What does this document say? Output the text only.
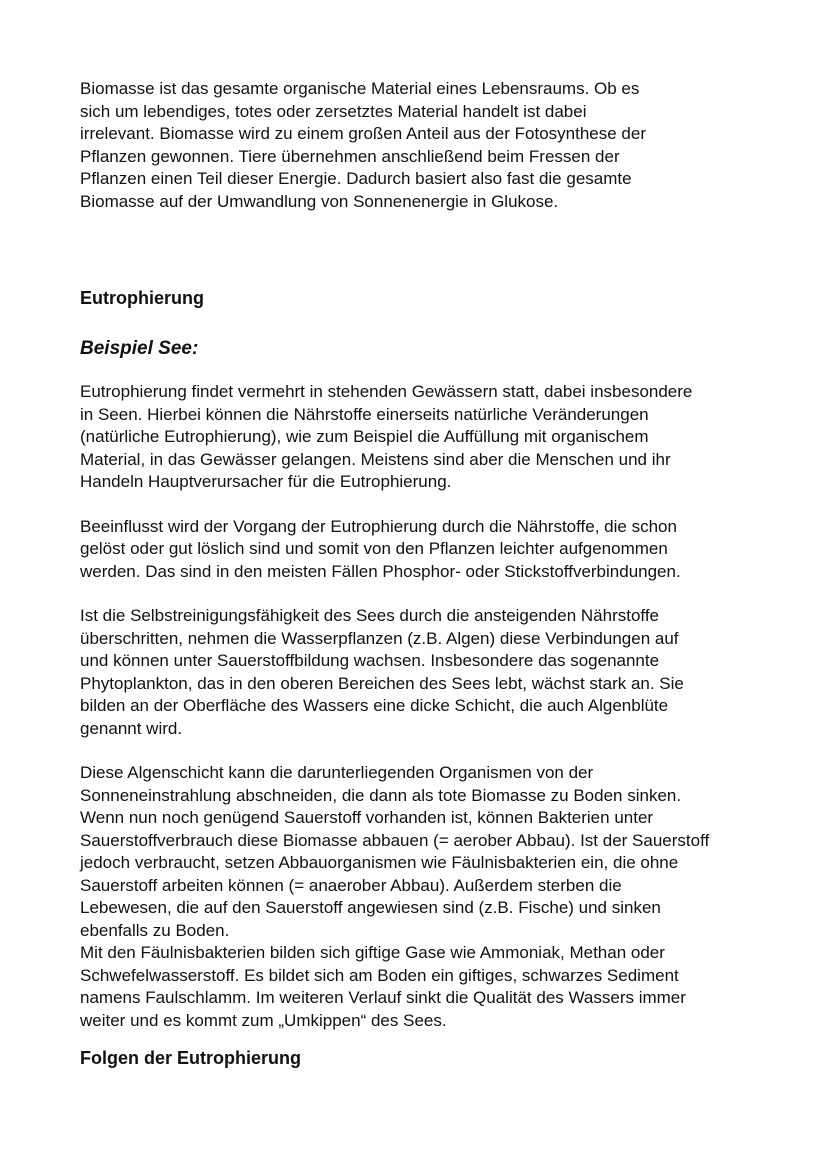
Biomasse ist das gesamte organische Material eines Lebensraums. Ob es
sich um lebendiges, totes oder zersetztes Material handelt ist dabei
irrelevant. Biomasse wird zu einem großen Anteil aus der Fotosynthese der
Pflanzen gewonnen. Tiere übernehmen anschließend beim Fressen der
Pflanzen einen Teil dieser Energie. Dadurch basiert also fast die gesamte
Biomasse auf der Umwandlung von Sonnenenergie in Glukose.

Eutrophierung
Beispiel See:

Eutrophierung findet vermehrt in stehenden Gewässern statt, dabei insbesondere
in Seen. Hierbei können die Nährstoffe einerseits natürliche Veränderungen
(natürliche Eutrophierung), wie zum Beispiel die Auffüllung mit organischem
Material, in das Gewässer gelangen. Meistens sind aber die Menschen und ihr
Handeln Hauptverursacher für die Eutrophierung.

Beeinflusst wird der Vorgang der Eutrophierung durch die Nährstoffe, die schon
gelöst oder gut löslich sind und somit von den Pflanzen leichter aufgenommen
werden. Das sind in den meisten Fällen Phosphor- oder Stickstoffverbindungen.

Ist die Selbstreinigungsfähigkeit des Sees durch die ansteigenden Nährstoffe
überschritten, nehmen die Wasserpflanzen (z.B. Algen) diese Verbindungen auf
und können unter Sauerstoffbildung wachsen. Insbesondere das sogenannte
Phytoplankton, das in den oberen Bereichen des Sees lebt, wächst stark an. Sie
bilden an der Oberfläche des Wassers eine dicke Schicht, die auch Algenblüte
genannt wird.

Diese Algenschicht kann die darunterliegenden Organismen von der
Sonneneinstrahlung abschneiden, die dann als tote Biomasse zu Boden sinken.
Wenn nun noch genügend Sauerstoff vorhanden ist, können Bakterien unter
Sauerstoffverbrauch diese Biomasse abbauen (= aerober Abbau). Ist der Sauerstoff
jedoch verbraucht, setzen Abbauorganismen wie Fäulnisbakterien ein, die ohne
Sauerstoff arbeiten können (= anaerober Abbau). Außerdem sterben die
Lebewesen, die auf den Sauerstoff angewiesen sind (z.B. Fische) und sinken
ebenfalls zu Boden.
Mit den Fäulnisbakterien bilden sich giftige Gase wie Ammoniak, Methan oder
Schwefelwasserstoff. Es bildet sich am Boden ein giftiges, schwarzes Sediment
namens Faulschlamm. Im weiteren Verlauf sinkt die Qualität des Wassers immer
weiter und es kommt zum „Umkippen“ des Sees.

Folgen der Eutrophierung
